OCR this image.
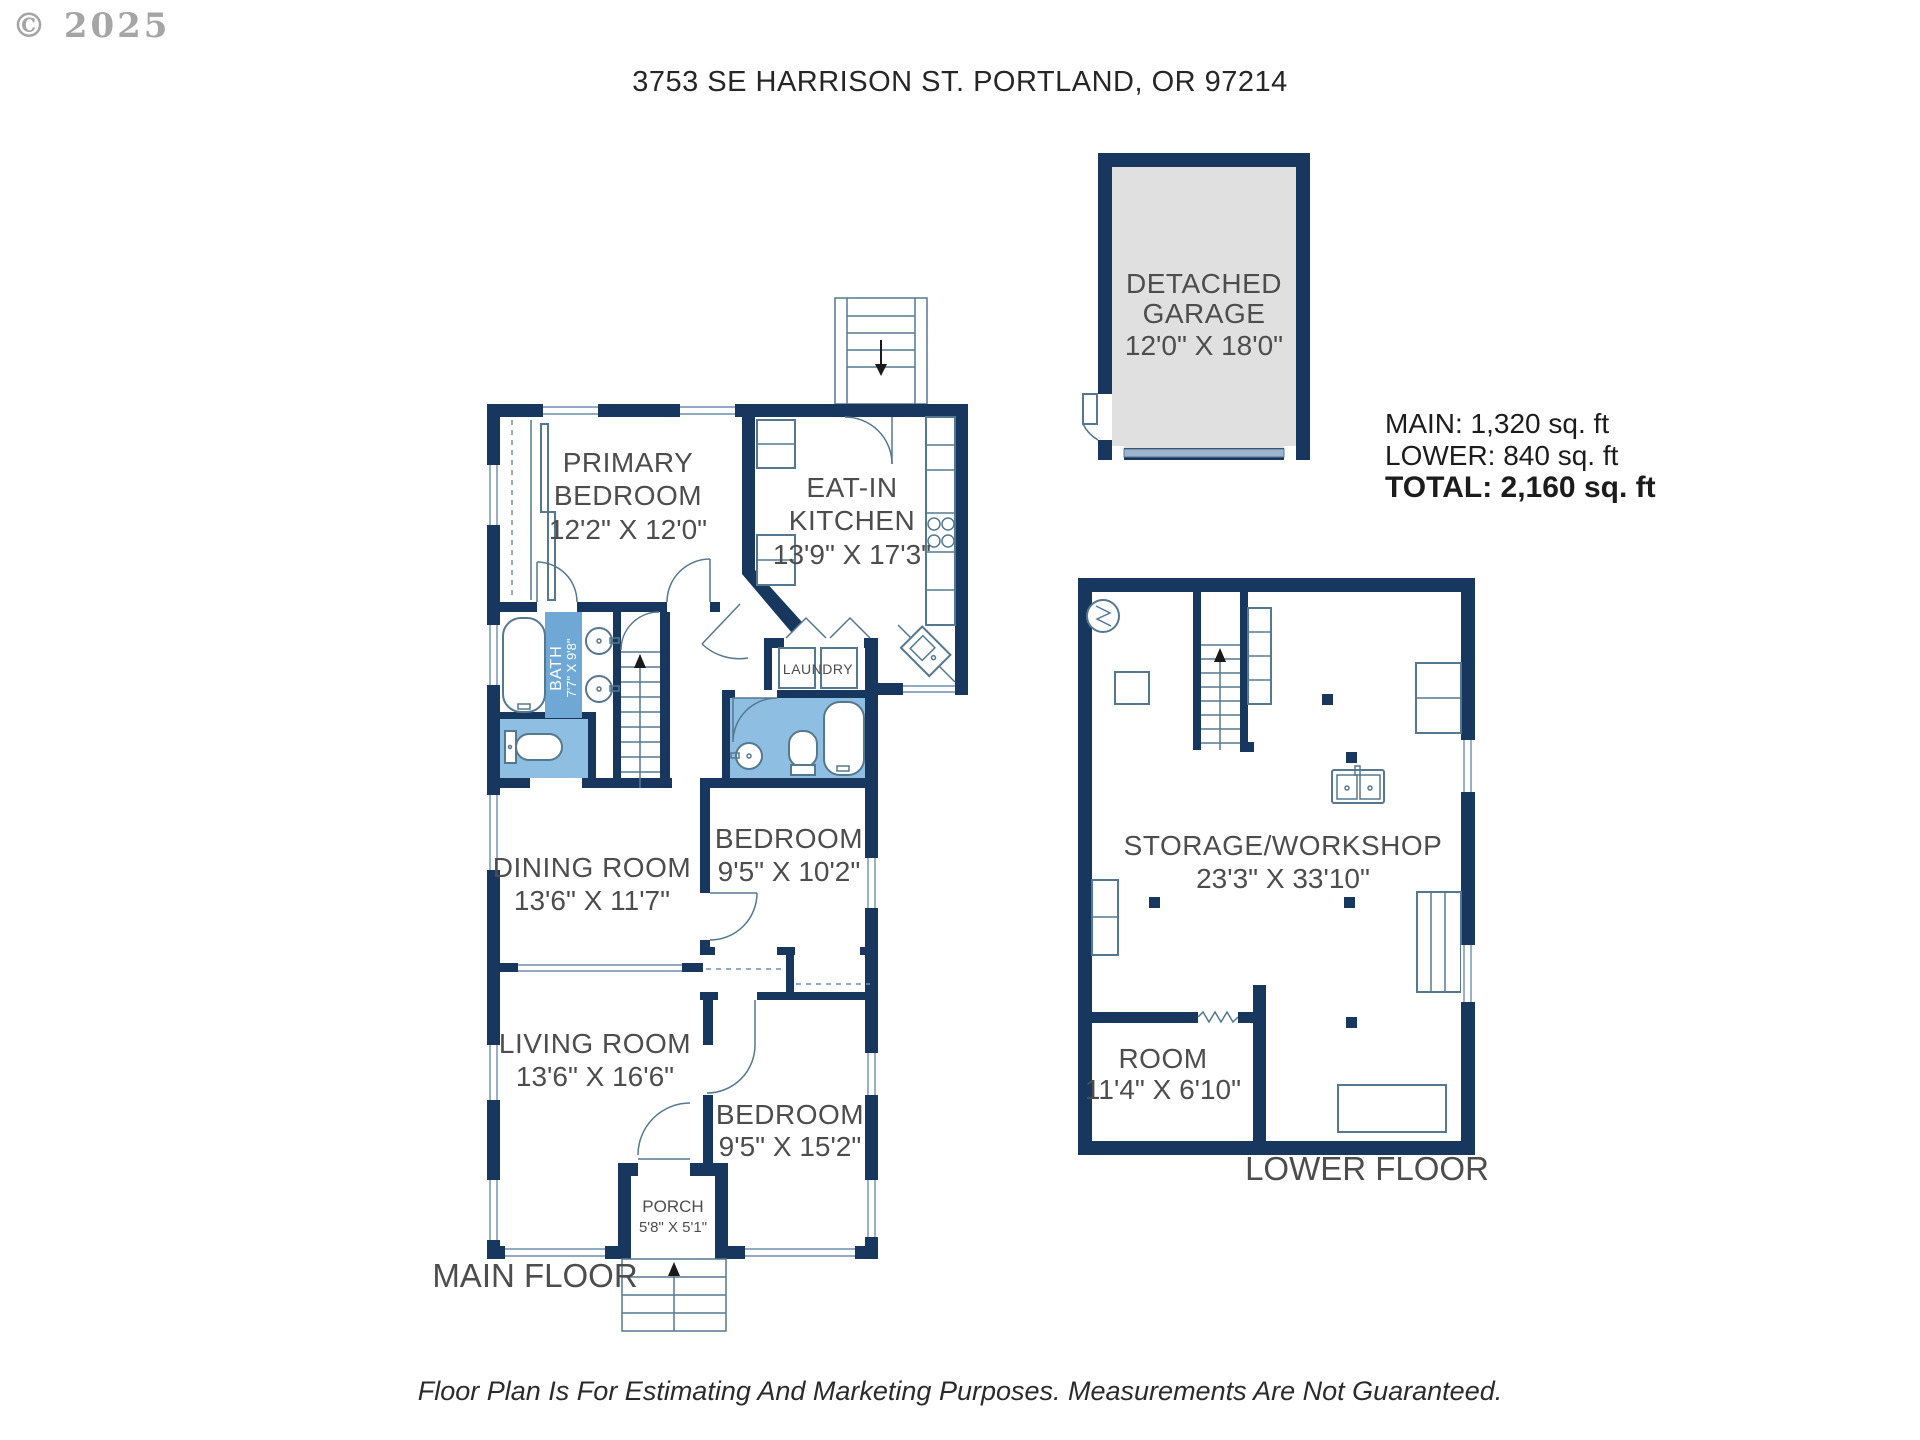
DETACHED
GARAGE
12'0" X 18'0"
STORAGE/WORKSHOP
23'3" X 33'10"
ROOM
11'4" X 6'10"
LOWER FLOOR
BATH 7'7" X 9'8"	LAUNDRY
PRIMARY
BEDROOM
12'2" X 12'0"
EAT-IN
KITCHEN
13'9" X 17'3"
DINING ROOM
13'6" X 11'7"
BEDROOM
9'5" X 10'2"
LIVING ROOM
13'6" X 16'6"
BEDROOM
9'5" X 15'2"
PORCH
5'8" X 5'1"
MAIN FLOOR
© 2025
3753 SE HARRISON ST. PORTLAND, OR 97214
MAIN: 1,320 sq. ft
LOWER: 840 sq. ft
TOTAL: 2,160 sq. ft
Floor Plan Is For Estimating And Marketing Purposes. Measurements Are Not Guaranteed.
